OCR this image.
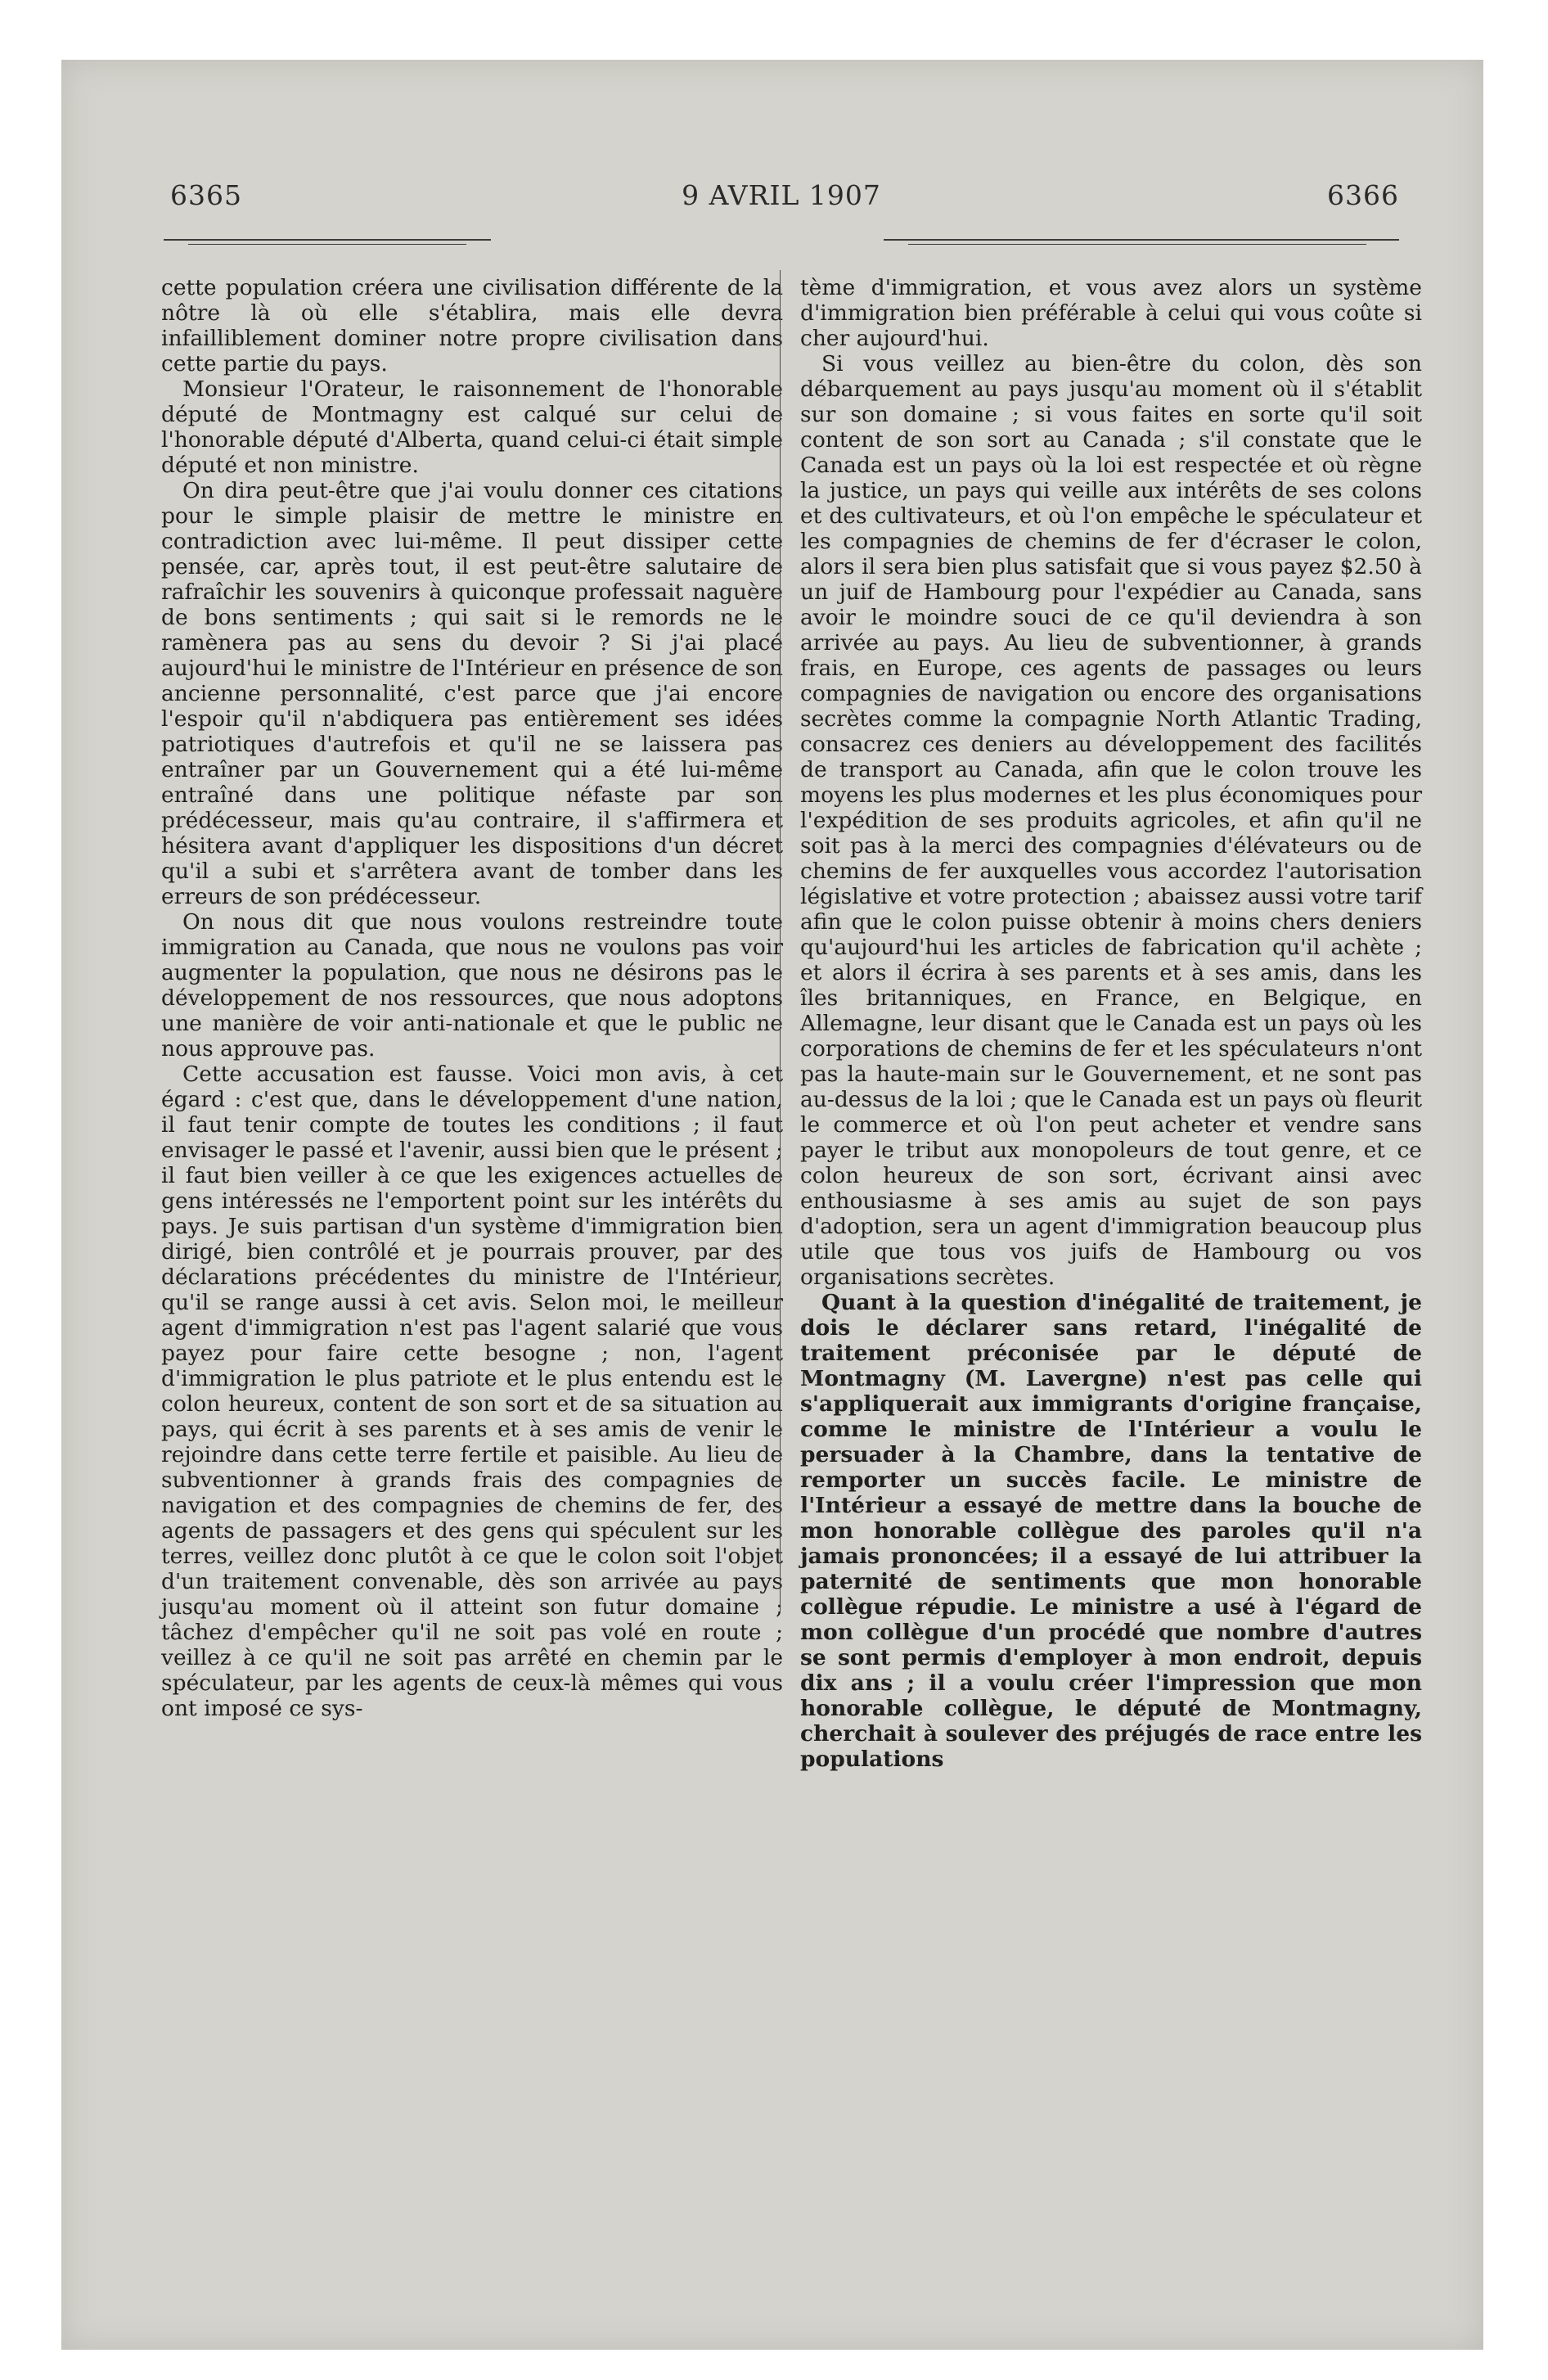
6365	9 AVRIL 1907	6366

cette population créera une civilisation différente de la nôtre là où elle s'établira, mais elle devra infailliblement dominer notre propre civilisation dans cette partie du pays.

Monsieur l'Orateur, le raisonnement de l'honorable député de Montmagny est calqué sur celui de l'honorable député d'Alberta, quand celui-ci était simple député et non ministre.

On dira peut-être que j'ai voulu donner ces citations pour le simple plaisir de mettre le ministre en contradiction avec lui-même. Il peut dissiper cette pensée, car, après tout, il est peut-être salutaire de rafraîchir les souvenirs à quiconque professait naguère de bons sentiments ; qui sait si le remords ne le ramènera pas au sens du devoir ? Si j'ai placé aujourd'hui le ministre de l'Intérieur en présence de son ancienne personnalité, c'est parce que j'ai encore l'espoir qu'il n'abdiquera pas entièrement ses idées patriotiques d'autrefois et qu'il ne se laissera pas entraîner par un Gouvernement qui a été lui-même entraîné dans une politique néfaste par son prédécesseur, mais qu'au contraire, il s'affirmera et hésitera avant d'appliquer les dispositions d'un décret qu'il a subi et s'arrêtera avant de tomber dans les erreurs de son prédécesseur.

On nous dit que nous voulons restreindre toute immigration au Canada, que nous ne voulons pas voir augmenter la population, que nous ne désirons pas le développement de nos ressources, que nous adoptons une manière de voir anti-nationale et que le public ne nous approuve pas.

Cette accusation est fausse. Voici mon avis, à cet égard : c'est que, dans le développement d'une nation, il faut tenir compte de toutes les conditions ; il faut envisager le passé et l'avenir, aussi bien que le présent ; il faut bien veiller à ce que les exigences actuelles de gens intéressés ne l'emportent point sur les intérêts du pays. Je suis partisan d'un système d'immigration bien dirigé, bien contrôlé et je pourrais prouver, par des déclarations précédentes du ministre de l'Intérieur, qu'il se range aussi à cet avis. Selon moi, le meilleur agent d'immigration n'est pas l'agent salarié que vous payez pour faire cette besogne ; non, l'agent d'immigration le plus patriote et le plus entendu est le colon heureux, content de son sort et de sa situation au pays, qui écrit à ses parents et à ses amis de venir le rejoindre dans cette terre fertile et paisible. Au lieu de subventionner à grands frais des compagnies de navigation et des compagnies de chemins de fer, des agents de passagers et des gens qui spéculent sur les terres, veillez donc plutôt à ce que le colon soit l'objet d'un traitement convenable, dès son arrivée au pays jusqu'au moment où il atteint son futur domaine ; tâchez d'empêcher qu'il ne soit pas volé en route ; veillez à ce qu'il ne soit pas arrêté en chemin par le spéculateur, par les agents de ceux-là mêmes qui vous ont imposé ce sys-

tème d'immigration, et vous avez alors un système d'immigration bien préférable à celui qui vous coûte si cher aujourd'hui.

Si vous veillez au bien-être du colon, dès son débarquement au pays jusqu'au moment où il s'établit sur son domaine ; si vous faites en sorte qu'il soit content de son sort au Canada ; s'il constate que le Canada est un pays où la loi est respectée et où règne la justice, un pays qui veille aux intérêts de ses colons et des cultivateurs, et où l'on empêche le spéculateur et les compagnies de chemins de fer d'écraser le colon, alors il sera bien plus satisfait que si vous payez $2.50 à un juif de Hambourg pour l'expédier au Canada, sans avoir le moindre souci de ce qu'il deviendra à son arrivée au pays. Au lieu de subventionner, à grands frais, en Europe, ces agents de passages ou leurs compagnies de navigation ou encore des organisations secrètes comme la compagnie North Atlantic Trading, consacrez ces deniers au développement des facilités de transport au Canada, afin que le colon trouve les moyens les plus modernes et les plus économiques pour l'expédition de ses produits agricoles, et afin qu'il ne soit pas à la merci des compagnies d'élévateurs ou de chemins de fer auxquelles vous accordez l'autorisation législative et votre protection ; abaissez aussi votre tarif afin que le colon puisse obtenir à moins chers deniers qu'aujourd'hui les articles de fabrication qu'il achète ; et alors il écrira à ses parents et à ses amis, dans les îles britanniques, en France, en Belgique, en Allemagne, leur disant que le Canada est un pays où les corporations de chemins de fer et les spéculateurs n'ont pas la haute-main sur le Gouvernement, et ne sont pas au-dessus de la loi ; que le Canada est un pays où fleurit le commerce et où l'on peut acheter et vendre sans payer le tribut aux monopoleurs de tout genre, et ce colon heureux de son sort, écrivant ainsi avec enthousiasme à ses amis au sujet de son pays d'adoption, sera un agent d'immigration beaucoup plus utile que tous vos juifs de Hambourg ou vos organisations secrètes.

Quant à la question d'inégalité de traitement, je dois le déclarer sans retard, l'inégalité de traitement préconisée par le député de Montmagny (M. Lavergne) n'est pas celle qui s'appliquerait aux immigrants d'origine française, comme le ministre de l'Intérieur a voulu le persuader à la Chambre, dans la tentative de remporter un succès facile. Le ministre de l'Intérieur a essayé de mettre dans la bouche de mon honorable collègue des paroles qu'il n'a jamais prononcées; il a essayé de lui attribuer la paternité de sentiments que mon honorable collègue répudie. Le ministre a usé à l'égard de mon collègue d'un procédé que nombre d'autres se sont permis d'employer à mon endroit, depuis dix ans ; il a voulu créer l'impression que mon honorable collègue, le député de Montmagny, cherchait à soulever des préjugés de race entre les populations
